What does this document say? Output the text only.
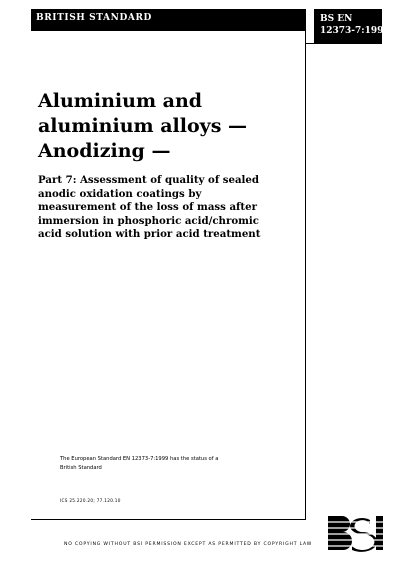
BRITISH STANDARD	BS EN
12373-7:1999
Aluminium and
aluminium alloys —
Anodizing —
Part 7: Assessment of quality of sealed
anodic oxidation coatings by
measurement of the loss of mass after
immersion in phosphoric acid/chromic
acid solution with prior acid treatment
The European Standard EN 12373-7:1999 has the status of a
British Standard
ICS 25.220.20; 77.120.10
NO COPYING WITHOUT BSI PERMISSION EXCEPT AS PERMITTED BY COPYRIGHT LAW
